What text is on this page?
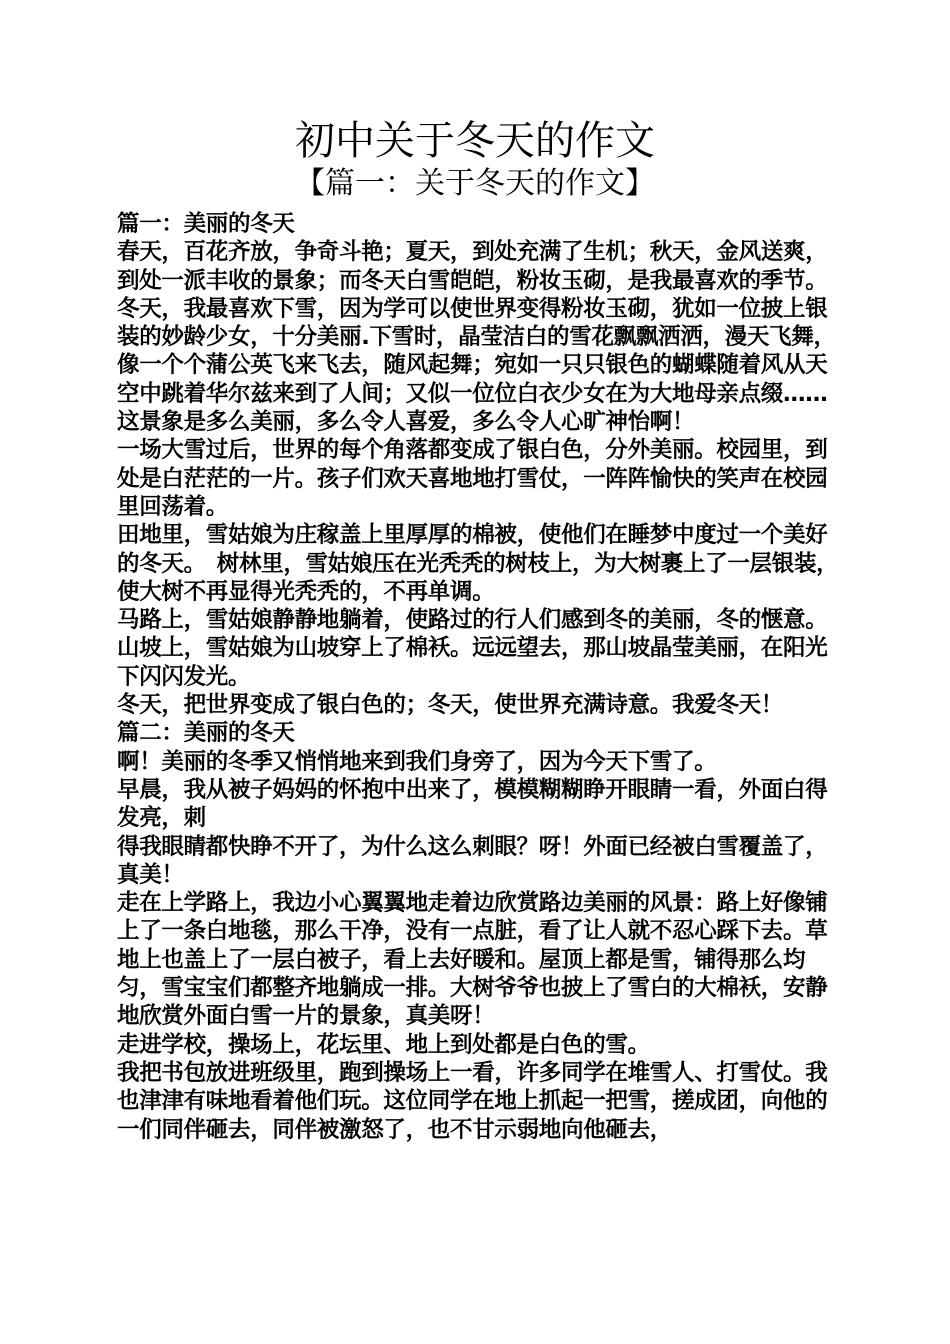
初中关于冬天的作文
【篇一：关于冬天的作文】

篇一：美丽的冬天

春天，百花齐放，争奇斗艳；夏天，到处充满了生机；秋天，金风送爽，到处一派丰收的景象；而冬天白雪皑皑，粉妆玉砌，是我最喜欢的季节。

冬天，我最喜欢下雪，因为学可以使世界变得粉妆玉砌，犹如一位披上银装的妙龄少女，十分美丽.下雪时，晶莹洁白的雪花飘飘洒洒，漫天飞舞，像一个个蒲公英飞来飞去，随风起舞；宛如一只只银色的蝴蝶随着风从天空中跳着华尔兹来到了人间；又似一位位白衣少女在为大地母亲点缀……这景象是多么美丽，多么令人喜爱，多么令人心旷神怡啊！

一场大雪过后，世界的每个角落都变成了银白色，分外美丽。校园里，到处是白茫茫的一片。孩子们欢天喜地地打雪仗，一阵阵愉快的笑声在校园里回荡着。

田地里，雪姑娘为庄稼盖上里厚厚的棉被，使他们在睡梦中度过一个美好的冬天。　树林里，雪姑娘压在光秃秃的树枝上，为大树裹上了一层银装，使大树不再显得光秃秃的，不再单调。

马路上，雪姑娘静静地躺着，使路过的行人们感到冬的美丽，冬的惬意。

山坡上，雪姑娘为山坡穿上了棉袄。远远望去，那山坡晶莹美丽，在阳光下闪闪发光。

冬天，把世界变成了银白色的；冬天，使世界充满诗意。我爱冬天！

篇二：美丽的冬天

啊！美丽的冬季又悄悄地来到我们身旁了，因为今天下雪了。

早晨，我从被子妈妈的怀抱中出来了，模模糊糊睁开眼睛一看，外面白得发亮，刺

得我眼睛都快睁不开了，为什么这么刺眼？呀！外面已经被白雪覆盖了，真美！

走在上学路上，我边小心翼翼地走着边欣赏路边美丽的风景：路上好像铺上了一条白地毯，那么干净，没有一点脏，看了让人就不忍心踩下去。草地上也盖上了一层白被子，看上去好暖和。屋顶上都是雪，铺得那么均匀，雪宝宝们都整齐地躺成一排。大树爷爷也披上了雪白的大棉袄，安静地欣赏外面白雪一片的景象，真美呀！

走进学校，操场上，花坛里、地上到处都是白色的雪。

我把书包放进班级里，跑到操场上一看，许多同学在堆雪人、打雪仗。我也津津有味地看着他们玩。这位同学在地上抓起一把雪，搓成团，向他的一们同伴砸去，同伴被激怒了，也不甘示弱地向他砸去，
